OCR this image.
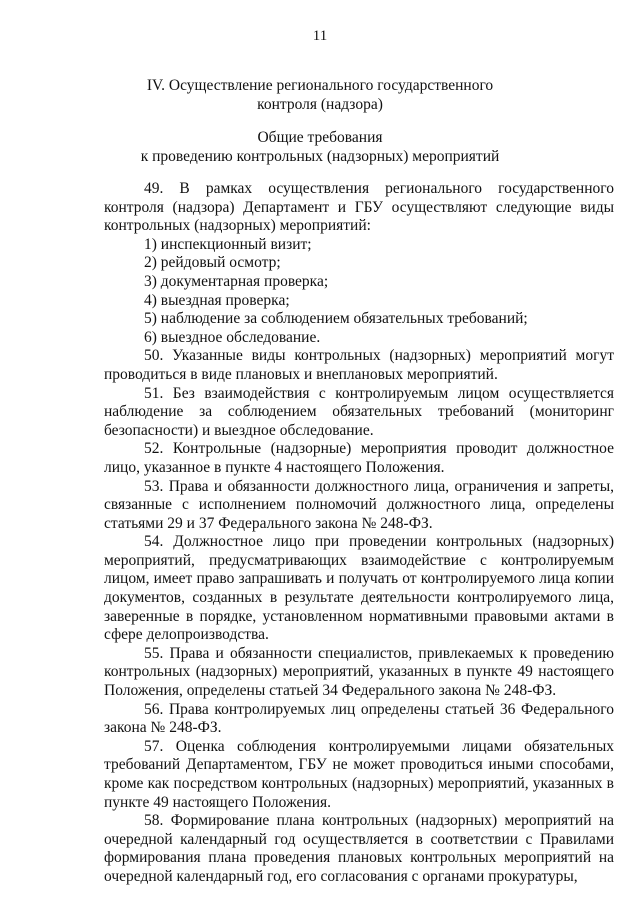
11
IV. Осуществление регионального государственного
контроля (надзора)
Общие требования
к проведению контрольных (надзорных) мероприятий

49. В рамках осуществления регионального государственного контроля (надзора) Департамент и ГБУ осуществляют следующие виды контрольных (надзорных) мероприятий:

1) инспекционный визит;

2) рейдовый осмотр;

3) документарная проверка;

4) выездная проверка;

5) наблюдение за соблюдением обязательных требований;

6) выездное обследование.

50. Указанные виды контрольных (надзорных) мероприятий могут проводиться в виде плановых и внеплановых мероприятий.

51. Без взаимодействия с контролируемым лицом осуществляется наблюдение за соблюдением обязательных требований (мониторинг безопасности) и выездное обследование.

52. Контрольные (надзорные) мероприятия проводит должностное лицо, указанное в пункте 4 настоящего Положения.

53. Права и обязанности должностного лица, ограничения и запреты, связанные с исполнением полномочий должностного лица, определены статьями 29 и 37 Федерального закона № 248-ФЗ.

54. Должностное лицо при проведении контрольных (надзорных) мероприятий, предусматривающих взаимодействие с контролируемым лицом, имеет право запрашивать и получать от контролируемого лица копии документов, созданных в результате деятельности контролируемого лица, заверенные в порядке, установленном нормативными правовыми актами в сфере делопроизводства.

55. Права и обязанности специалистов, привлекаемых к проведению контрольных (надзорных) мероприятий, указанных в пункте 49 настоящего Положения, определены статьей 34 Федерального закона № 248-ФЗ.

56. Права контролируемых лиц определены статьей 36 Федерального закона № 248-ФЗ.

57. Оценка соблюдения контролируемыми лицами обязательных требований Департаментом, ГБУ не может проводиться иными способами, кроме как посредством контрольных (надзорных) мероприятий, указанных в пункте 49 настоящего Положения.

58. Формирование плана контрольных (надзорных) мероприятий на очередной календарный год осуществляется в соответствии с Правилами формирования плана проведения плановых контрольных мероприятий на очередной календарный год, его согласования с органами прокуратуры,
